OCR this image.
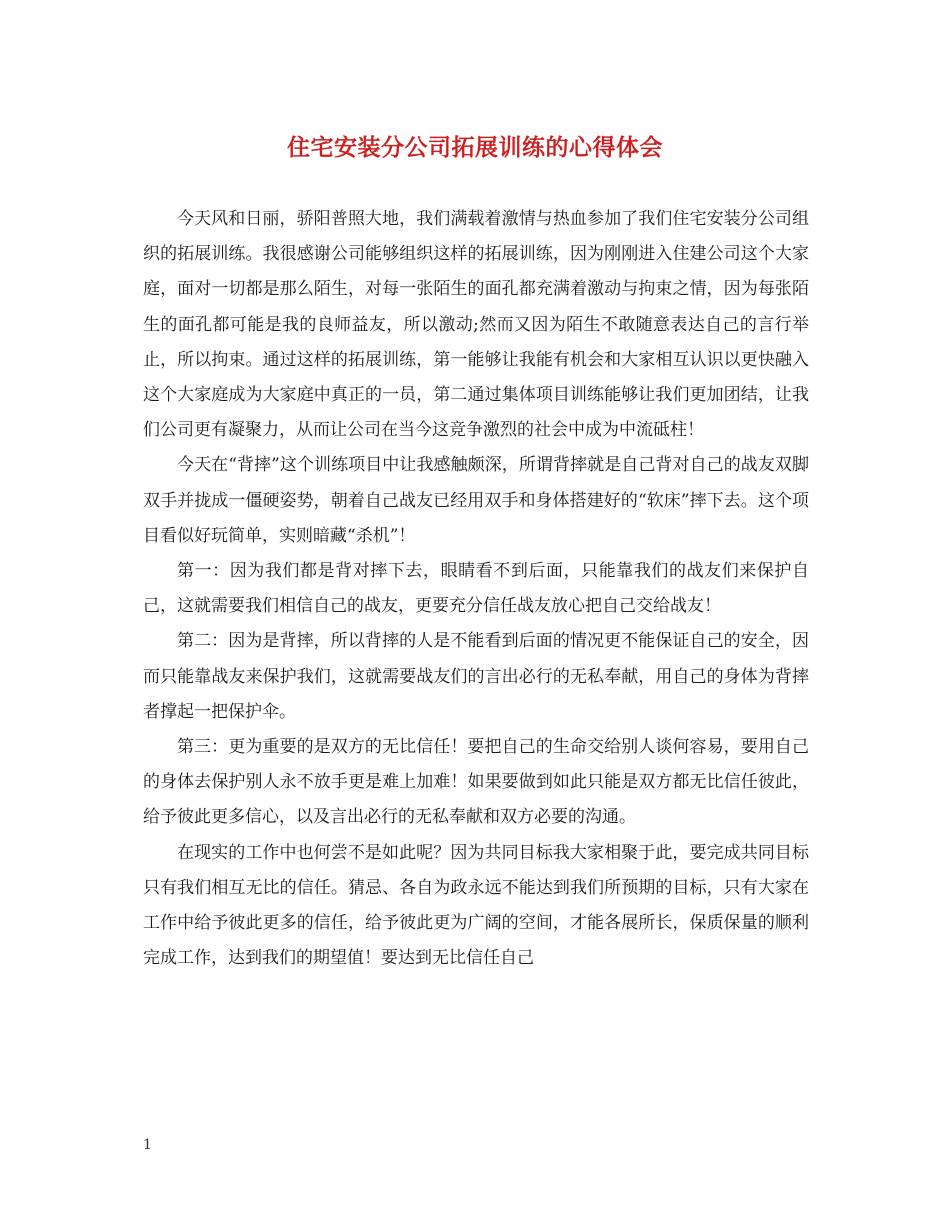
住宅安装分公司拓展训练的心得体会

今天风和日丽，骄阳普照大地，我们满载着激情与热血参加了我们住宅安装分公司组织的拓展训练。我很感谢公司能够组织这样的拓展训练，因为刚刚进入住建公司这个大家庭，面对一切都是那么陌生，对每一张陌生的面孔都充满着激动与拘束之情，因为每张陌生的面孔都可能是我的良师益友，所以激动;然而又因为陌生不敢随意表达自己的言行举止，所以拘束。通过这样的拓展训练，第一能够让我能有机会和大家相互认识以更快融入这个大家庭成为大家庭中真正的一员，第二通过集体项目训练能够让我们更加团结，让我们公司更有凝聚力，从而让公司在当今这竞争激烈的社会中成为中流砥柱！

今天在“背摔”这个训练项目中让我感触颇深，所谓背摔就是自己背对自己的战友双脚双手并拢成一僵硬姿势，朝着自己战友已经用双手和身体搭建好的“软床”摔下去。这个项目看似好玩简单，实则暗藏“杀机”！

第一：因为我们都是背对摔下去，眼睛看不到后面，只能靠我们的战友们来保护自己，这就需要我们相信自己的战友，更要充分信任战友放心把自己交给战友！

第二：因为是背摔，所以背摔的人是不能看到后面的情况更不能保证自己的安全，因而只能靠战友来保护我们，这就需要战友们的言出必行的无私奉献，用自己的身体为背摔者撑起一把保护伞。

第三：更为重要的是双方的无比信任！要把自己的生命交给别人谈何容易，要用自己的身体去保护别人永不放手更是难上加难！如果要做到如此只能是双方都无比信任彼此，给予彼此更多信心，以及言出必行的无私奉献和双方必要的沟通。

在现实的工作中也何尝不是如此呢？因为共同目标我大家相聚于此，要完成共同目标只有我们相互无比的信任。猜忌、各自为政永远不能达到我们所预期的目标，只有大家在工作中给予彼此更多的信任，给予彼此更为广阔的空间，才能各展所长，保质保量的顺利完成工作，达到我们的期望值！要达到无比信任自己

1
